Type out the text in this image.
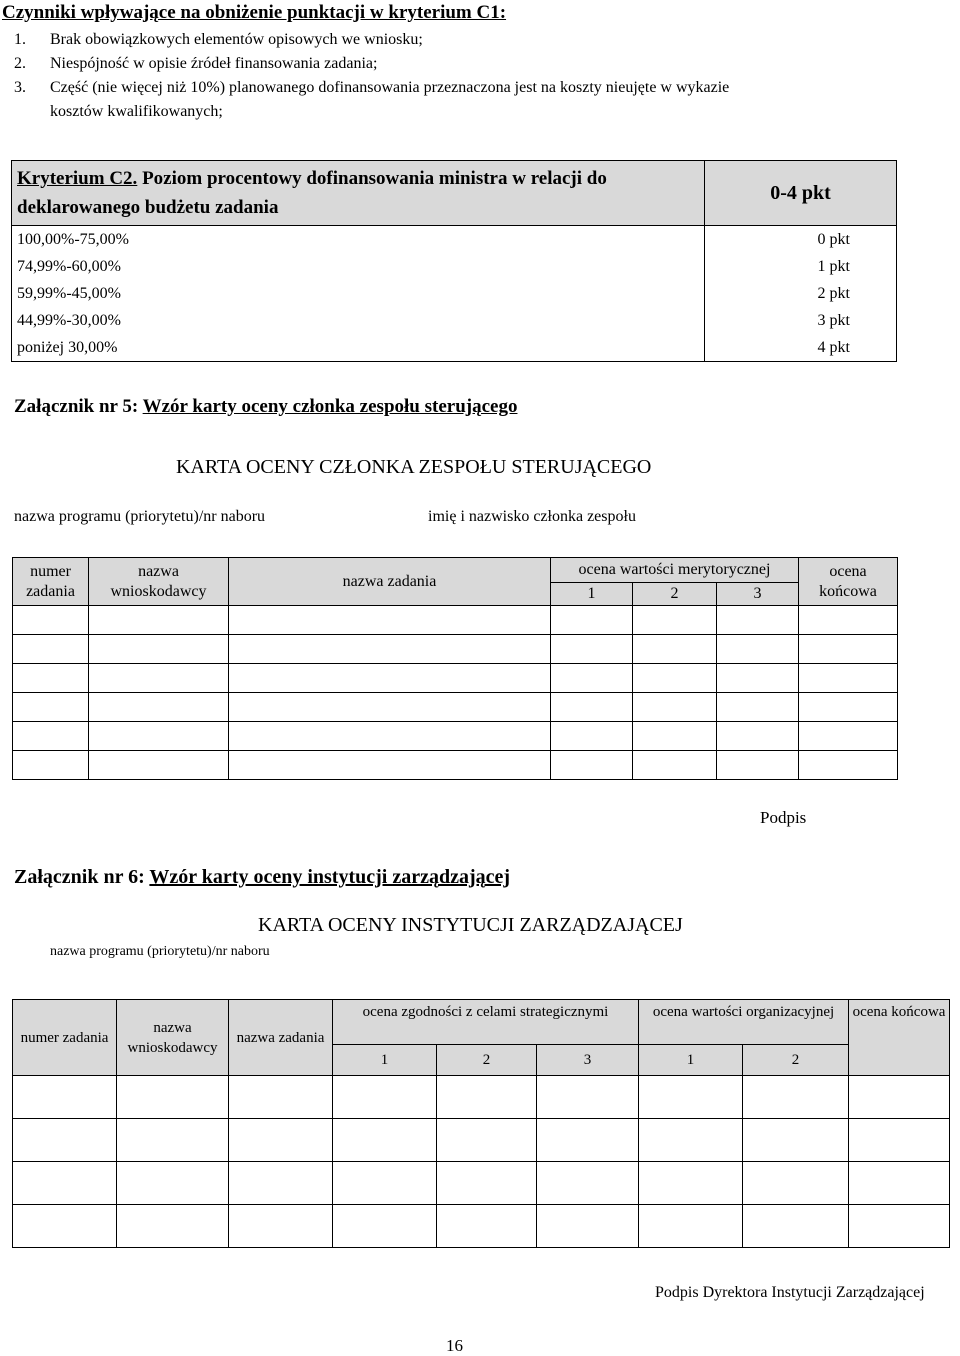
Czynniki wpływające na obniżenie punktacji w kryterium C1:
1.	Brak obowiązkowych elementów opisowych we wniosku;
2.	Niespójność w opisie źródeł finansowania zadania;
3.	Część (nie więcej niż 10%) planowanego dofinansowania przeznaczona jest na koszty nieujęte w wykazie
kosztów kwalifikowanych;
Kryterium C2. Poziom procentowy dofinansowania ministra w relacji do deklarowanego budżetu zadania	0-4 pkt
100,00%-75,00%	0 pkt
74,99%-60,00%	1 pkt
59,99%-45,00%	2 pkt
44,99%-30,00%	3 pkt
poniżej 30,00%	4 pkt
Załącznik nr 5: Wzór karty oceny członka zespołu sterującego
KARTA OCENY CZŁONKA ZESPOŁU STERUJĄCEGO
nazwa programu (priorytetu)/nr naboru	imię i nazwisko członka zespołu
numer zadania	nazwa wnioskodawcy	nazwa zadania	ocena wartości merytorycznej			ocena końcowa
			1	2	3	

Podpis
Załącznik nr 6: Wzór karty oceny instytucji zarządzającej
KARTA OCENY INSTYTUCJI ZARZĄDZAJĄCEJ
nazwa programu (priorytetu)/nr naboru
numer zadania	nazwa wnioskodawcy	nazwa zadania	ocena zgodności z celami strategicznymi			ocena wartości organizacyjnej		ocena końcowa
			1	2	3	1	2	

Podpis Dyrektora Instytucji Zarządzającej
16
